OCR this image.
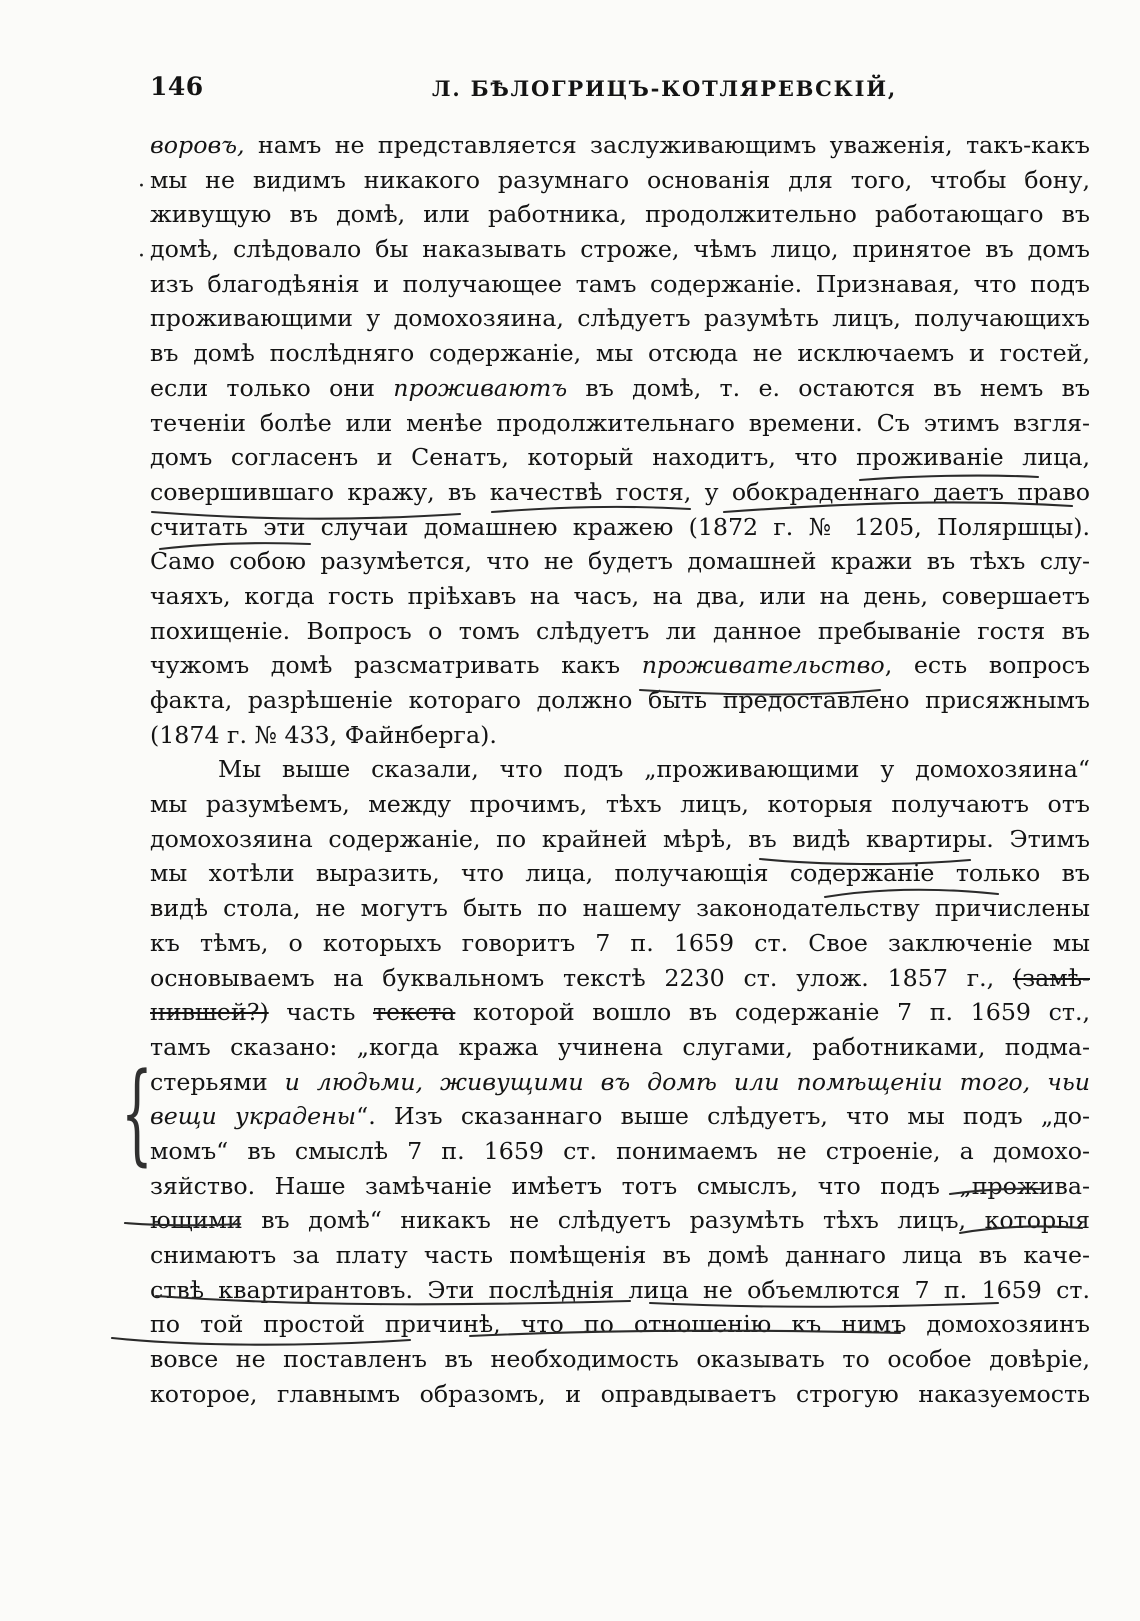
146	Л. БѢЛОГРИЦЪ-КОТЛЯРЕВСКІЙ,
воровъ, намъ не представляется заслуживающимъ уваженія, такъ-какъ
мы не видимъ никакого разумнаго основанія для того, чтобы бону,
живущую въ домѣ, или работника, продолжительно работающаго въ
домѣ, слѣдовало бы наказывать строже, чѣмъ лицо, принятое въ домъ
изъ благодѣянія и получающее тамъ содержаніе. Признавая, что подъ
проживающими у домохозяина, слѣдуетъ разумѣть лицъ, получающихъ
въ домѣ послѣдняго содержаніе, мы отсюда не исключаемъ и гостей,
если только они проживаютъ въ домѣ, т. е. остаются въ немъ въ
теченіи болѣе или менѣе продолжительнаго времени. Съ этимъ взгля-
домъ согласенъ и Сенатъ, который находитъ, что проживаніе лица,
совершившаго кражу, въ качествѣ гостя, у обокраденнаго даетъ право
считать эти случаи домашнею кражею (1872 г. № 1205, Поляршцы).
Само собою разумѣется, что не будетъ домашней кражи въ тѣхъ слу-
чаяхъ, когда гость пріѣхавъ на часъ, на два, или на день, совершаетъ
похищеніе. Вопросъ о томъ слѣдуетъ ли данное пребываніе гостя въ
чужомъ домѣ разсматривать какъ проживательство, есть вопросъ
факта, разрѣшеніе котораго должно быть предоставлено присяжнымъ
(1874 г. № 433, Файнберга).
Мы выше сказали, что подъ „проживающими у домохозяина“
мы разумѣемъ, между прочимъ, тѣхъ лицъ, которыя получаютъ отъ
домохозяина содержаніе, по крайней мѣрѣ, въ видѣ квартиры. Этимъ
мы хотѣли выразить, что лица, получающія содержаніе только въ
видѣ стола, не могутъ быть по нашему законодательству причислены
къ тѣмъ, о которыхъ говоритъ 7 п. 1659 ст. Свое заключеніе мы
основываемъ на буквальномъ текстѣ 2230 ст. улож. 1857 г., (замѣ-
нившей?) часть текста которой вошло въ содержаніе 7 п. 1659 ст.,
тамъ сказано: „когда кража учинена слугами, работниками, подма-
стерьями и людьми, живущими въ домѣ или помѣщеніи того, чьи
вещи украдены“. Изъ сказаннаго выше слѣдуетъ, что мы подъ „до-
момъ“ въ смыслѣ 7 п. 1659 ст. понимаемъ не строеніе, а домохо-
зяйство. Наше замѣчаніе имѣетъ тотъ смыслъ, что подъ „прожива-
ющими въ домѣ“ никакъ не слѣдуетъ разумѣть тѣхъ лицъ, которыя
снимаютъ за плату часть помѣщенія въ домѣ даннаго лица въ каче-
ствѣ квартирантовъ. Эти послѣднія лица не объемлются 7 п. 1659 ст.
по той простой причинѣ, что по отношенію къ нимъ домохозяинъ
вовсе не поставленъ въ необходимость оказывать то особое довѣріе,
которое, главнымъ образомъ, и оправдываетъ строгую наказуемость
·
·
{
